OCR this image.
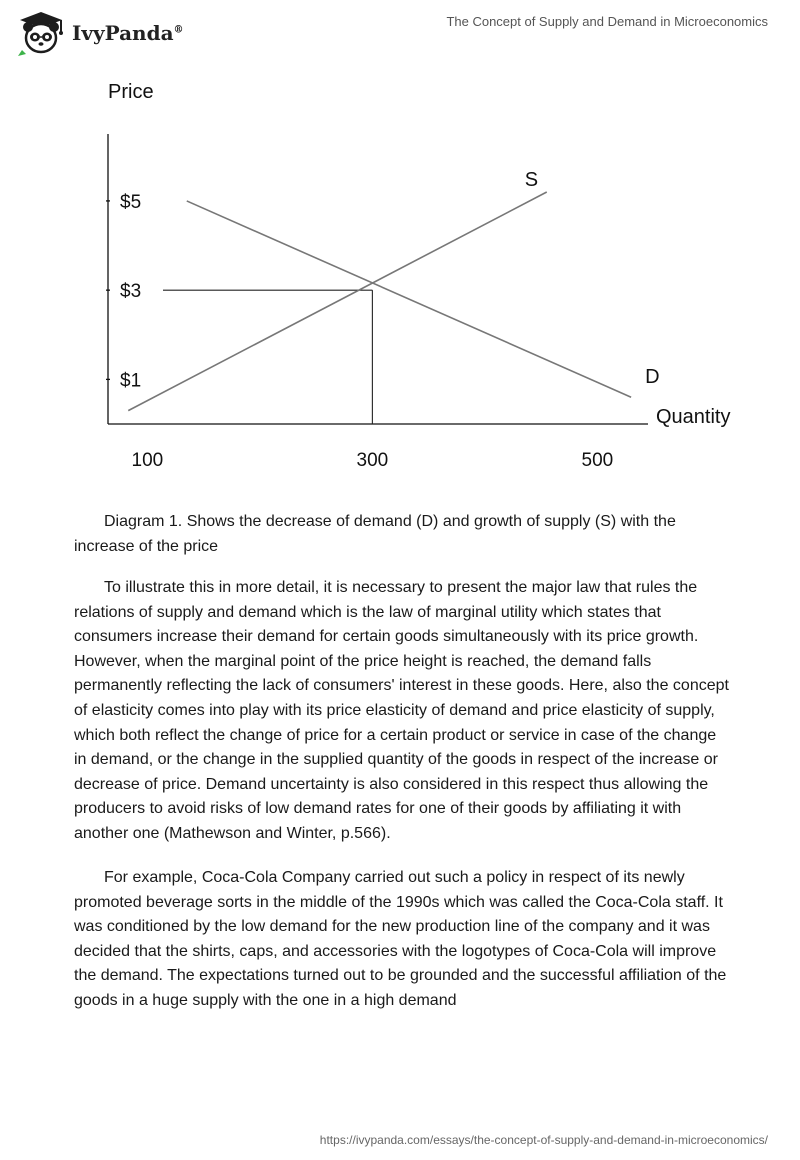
IvyPanda®
The Concept of Supply and Demand in Microeconomics
$5
$3
$1
100	300	500
Price
Quantity
S
D

Diagram 1. Shows the decrease of demand (D) and growth of supply (S) with the increase of the price

To illustrate this in more detail, it is necessary to present the major law that rules the relations of supply and demand which is the law of marginal utility which states that consumers increase their demand for certain goods simultaneously with its price growth. However, when the marginal point of the price height is reached, the demand falls permanently reflecting the lack of consumers' interest in these goods. Here, also the concept of elasticity comes into play with its price elasticity of demand and price elasticity of supply, which both reflect the change of price for a certain product or service in case of the change in demand, or the change in the supplied quantity of the goods in respect of the increase or decrease of price. Demand uncertainty is also considered in this respect thus allowing the producers to avoid risks of low demand rates for one of their goods by affiliating it with another one (Mathewson and Winter, p.566).

For example, Coca-Cola Company carried out such a policy in respect of its newly promoted beverage sorts in the middle of the 1990s which was called the Coca-Cola staff. It was conditioned by the low demand for the new production line of the company and it was decided that the shirts, caps, and accessories with the logotypes of Coca-Cola will improve the demand. The expectations turned out to be grounded and the successful affiliation of the goods in a huge supply with the one in a high demand

https://ivypanda.com/essays/the-concept-of-supply-and-demand-in-microeconomics/
